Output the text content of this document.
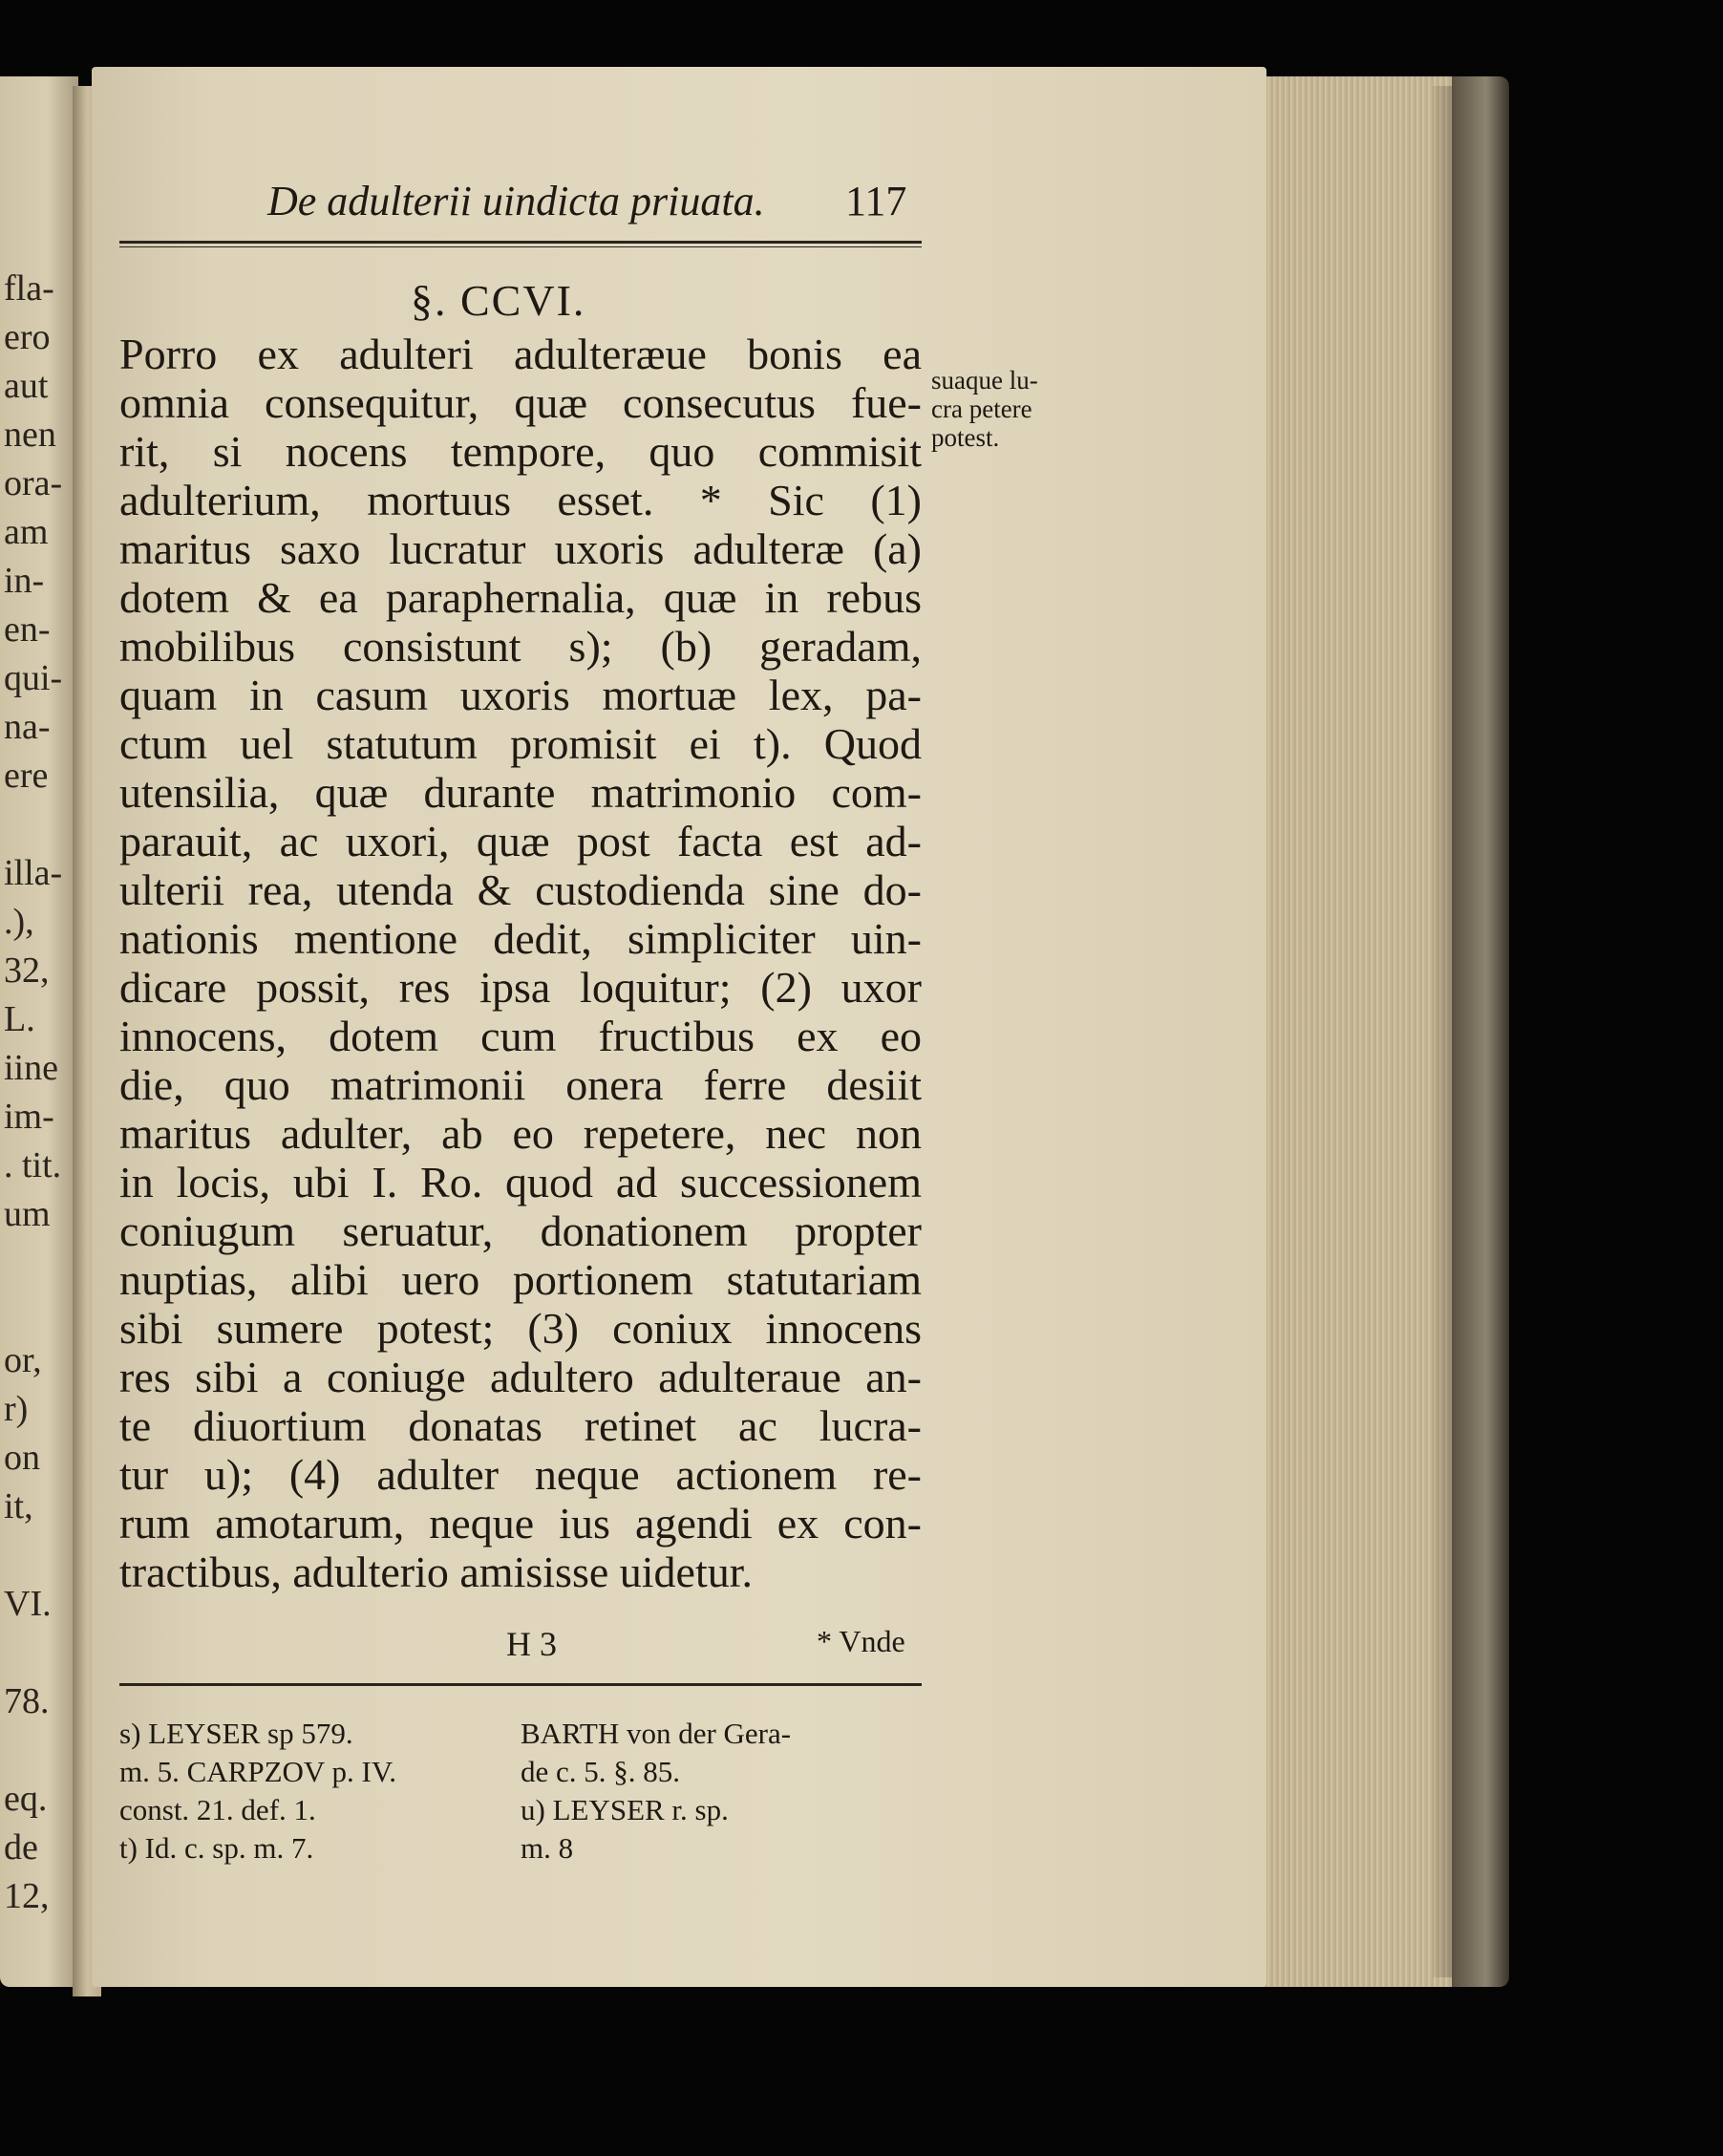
fla-
ero
aut
nen
ora-
am
in-
en-
qui-
na-
ere
illa-
.),
32,
L.
iine
im-
. tit.
um
or,
r)
on
it,
VI.
78.
eq.
de
12,
De adulterii uindicta priuata. 117
§. CCVI.
Porro ex adulteri adulteræue bonis ea
omnia consequitur, quæ consecutus fue-
rit, si nocens tempore, quo commisit
adulterium, mortuus esset. * Sic (1)
maritus saxo lucratur uxoris adulteræ (a)
dotem & ea paraphernalia, quæ in rebus
mobilibus consistunt s); (b) geradam,
quam in casum uxoris mortuæ lex, pa-
ctum uel statutum promisit ei t). Quod
utensilia, quæ durante matrimonio com-
parauit, ac uxori, quæ post facta est ad-
ulterii rea, utenda & custodienda sine do-
nationis mentione dedit, simpliciter uin-
dicare possit, res ipsa loquitur; (2) uxor
innocens, dotem cum fructibus ex eo
die, quo matrimonii onera ferre desiit
maritus adulter, ab eo repetere, nec non
in locis, ubi I. Ro. quod ad successionem
coniugum seruatur, donationem propter
nuptias, alibi uero portionem statutariam
sibi sumere potest; (3) coniux innocens
res sibi a coniuge adultero adulteraue an-
te diuortium donatas retinet ac lucra-
tur u); (4) adulter neque actionem re-
rum amotarum, neque ius agendi ex con-
tractibus, adulterio amisisse uidetur.
suaque lu-
cra petere
potest.
H 3	* Vnde
s) LEYSER sp 579.	BARTH von der Gera-
m. 5. CARPZOV p. IV.	de c. 5. §. 85.
const. 21. def. 1.	u) LEYSER r. sp.
t) Id. c. sp. m. 7.	m. 8
